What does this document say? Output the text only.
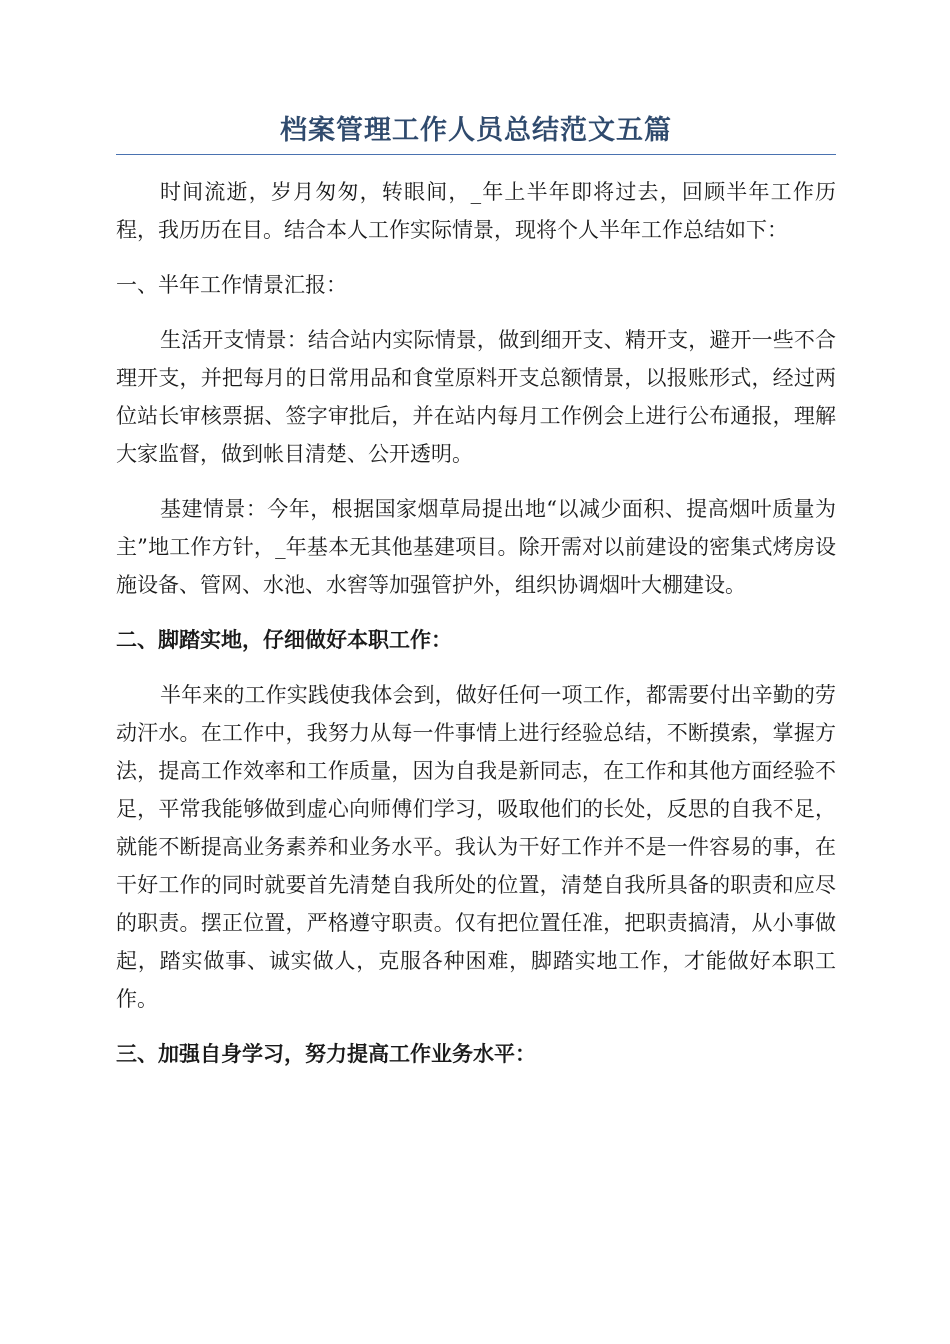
档案管理工作人员总结范文五篇

时间流逝，岁月匆匆，转眼间，_年上半年即将过去，回顾半年工作历程，我历历在目。结合本人工作实际情景，现将个人半年工作总结如下：

一、半年工作情景汇报：

生活开支情景：结合站内实际情景，做到细开支、精开支，避开一些不合理开支，并把每月的日常用品和食堂原料开支总额情景，以报账形式，经过两位站长审核票据、签字审批后，并在站内每月工作例会上进行公布通报，理解大家监督，做到帐目清楚、公开透明。

基建情景：今年，根据国家烟草局提出地“以减少面积、提高烟叶质量为主”地工作方针，_年基本无其他基建项目。除开需对以前建设的密集式烤房设施设备、管网、水池、水窖等加强管护外，组织协调烟叶大棚建设。

二、脚踏实地，仔细做好本职工作：

半年来的工作实践使我体会到，做好任何一项工作，都需要付出辛勤的劳动汗水。在工作中，我努力从每一件事情上进行经验总结，不断摸索，掌握方法，提高工作效率和工作质量，因为自我是新同志，在工作和其他方面经验不足，平常我能够做到虚心向师傅们学习，吸取他们的长处，反思的自我不足，就能不断提高业务素养和业务水平。我认为干好工作并不是一件容易的事，在干好工作的同时就要首先清楚自我所处的位置，清楚自我所具备的职责和应尽的职责。摆正位置，严格遵守职责。仅有把位置任准，把职责搞清，从小事做起，踏实做事、诚实做人，克服各种困难，脚踏实地工作，才能做好本职工作。

三、加强自身学习，努力提高工作业务水平：
